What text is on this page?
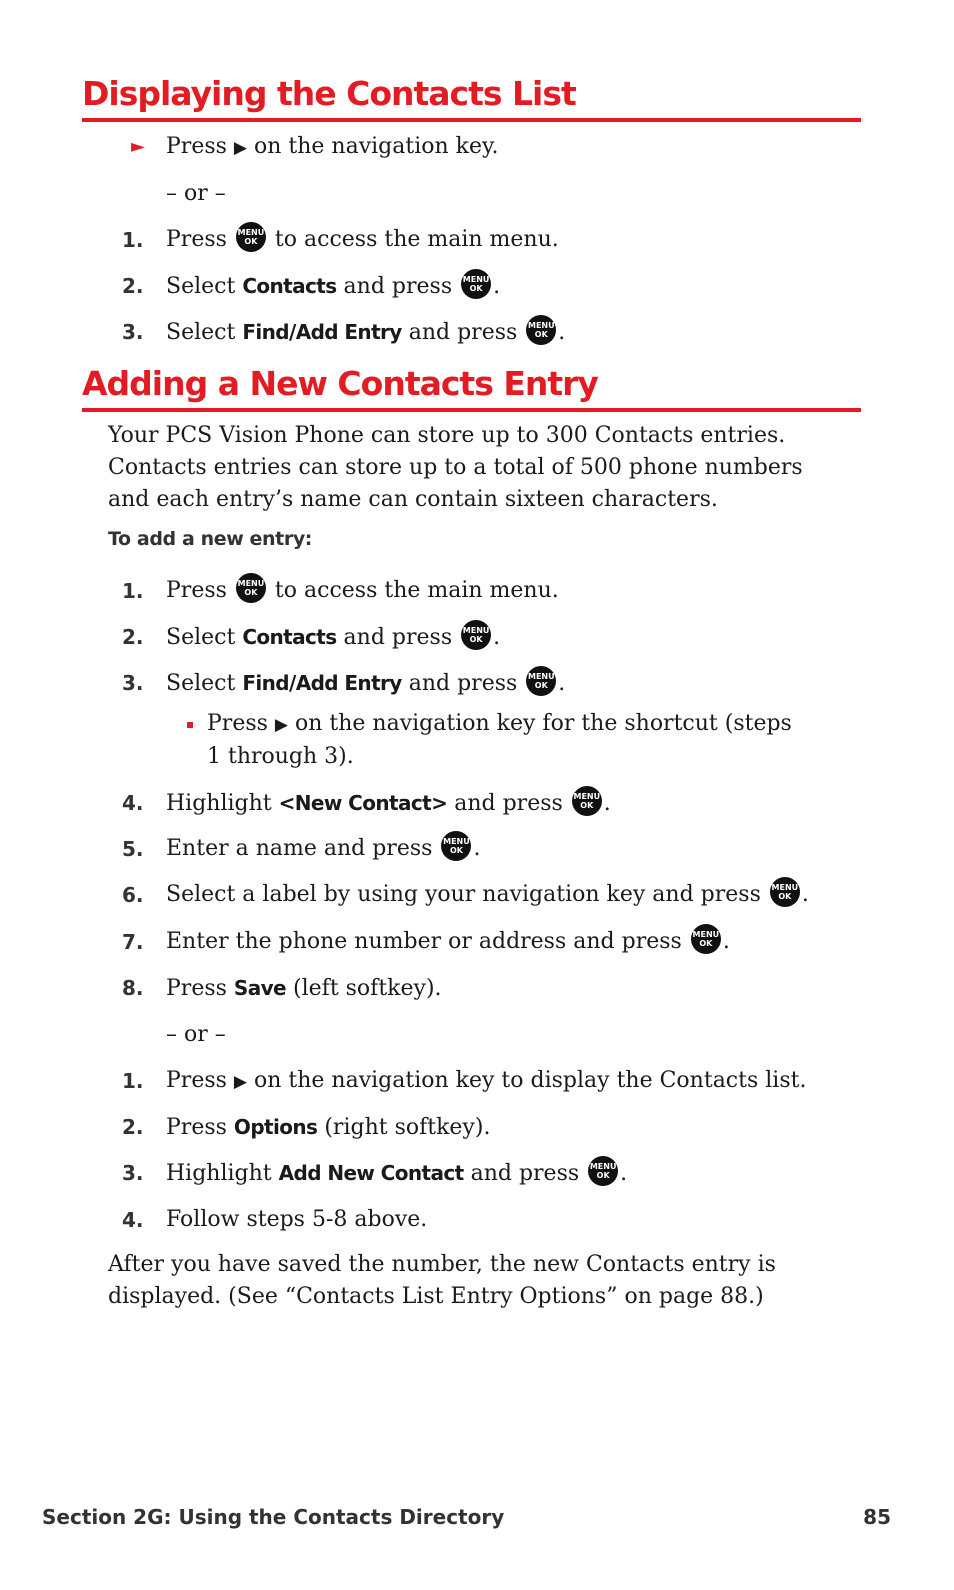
Displaying the Contacts List
► Press ▶ on the navigation key.
– or –
1. Press MENU
OK to access the main menu.
2. Select Contacts and press MENU
OK .
3. Select Find/Add Entry and press MENU
OK .
Adding a New Contacts Entry
Your PCS Vision Phone can store up to 300 Contacts entries. Contacts entries can store up to a total of 500 phone numbers and each entry’s name can contain sixteen characters.
To add a new entry:
1. Press MENU
OK to access the main menu.
2. Select Contacts and press MENU
OK .
3. Select Find/Add Entry and press MENU
OK .
Press ▶ on the navigation key for the shortcut (steps 1 through 3).
4. Highlight <New Contact> and press MENU
OK .
5. Enter a name and press MENU
OK .
6. Select a label by using your navigation key and press MENU
OK .
7. Enter the phone number or address and press MENU
OK .
8. Press Save (left softkey).
– or –
1. Press ▶ on the navigation key to display the Contacts list.
2. Press Options (right softkey).
3. Highlight Add New Contact and press MENU
OK .
4. Follow steps 5-8 above.
After you have saved the number, the new Contacts entry is displayed. (See “Contacts List Entry Options” on page 88.)
Section 2G: Using the Contacts Directory	85
